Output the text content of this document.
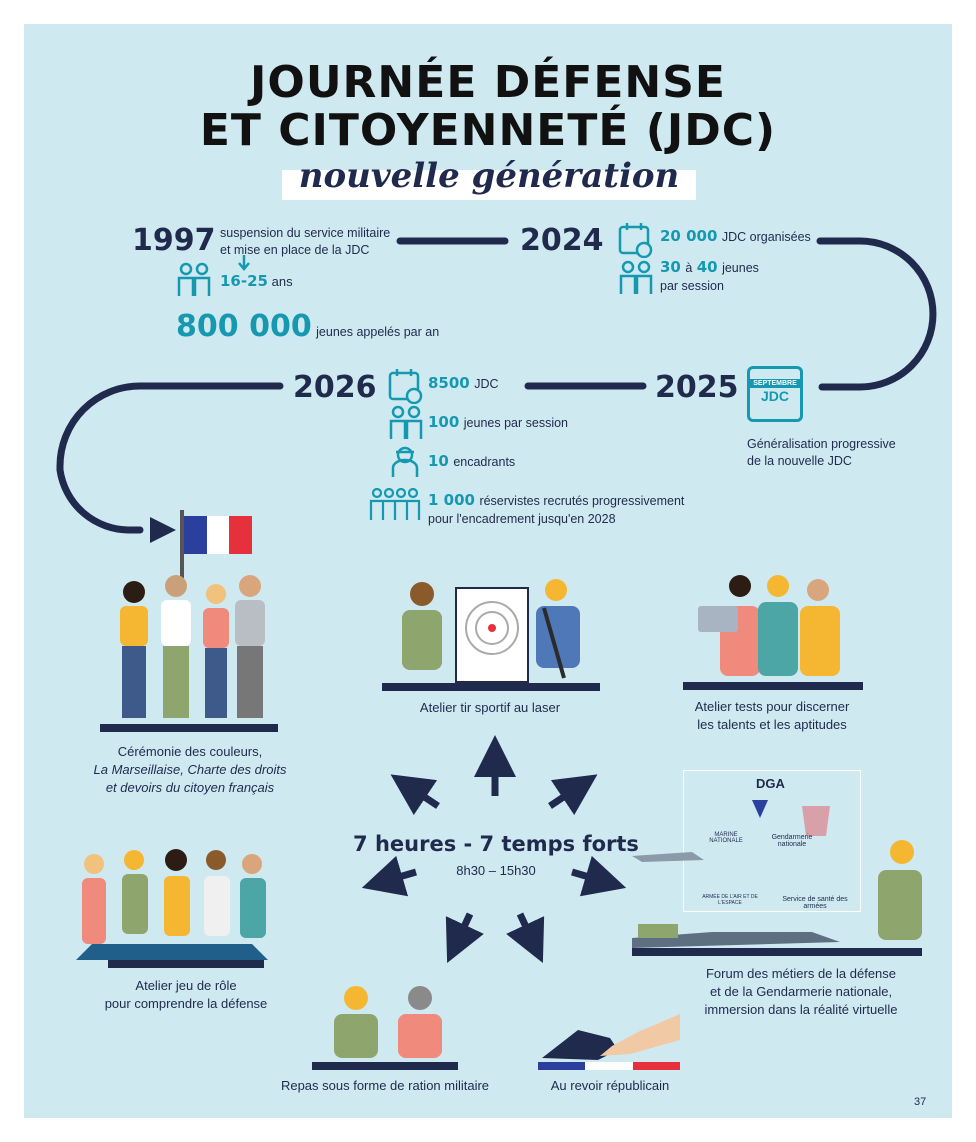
JOURNÉE DÉFENSE
ET CITOYENNETÉ (JDC)
nouvelle génération
1997 suspension du service militaire et mise en place de la JDC
16-25 ans
800 000 jeunes appelés par an
2024	20 000 JDC organisées
30 à 40 jeunes
par session
2026	8500 JDC
100 jeunes par session
10 encadrants
1 000 réservistes recrutés progressivement
pour l'encadrement jusqu'en 2028
2025	SEPTEMBRE
JDC
Généralisation progressive de la nouvelle JDC
Cérémonie des couleurs,
La Marseillaise, Charte des droits
et devoirs du citoyen français
Atelier tir sportif au laser	Atelier tests pour discerner
les talents et les aptitudes
7 heures - 7 temps forts
8h30 – 15h30
DGA
MARINE NATIONALE	Gendarmerie nationale
ARMÉE DE L'AIR ET DE L'ESPACE	Service de santé des armées
Forum des métiers de la défense
et de la Gendarmerie nationale,
immersion dans la réalité virtuelle
Atelier jeu de rôle
pour comprendre la défense
Repas sous forme de ration militaire	Au revoir républicain
37
